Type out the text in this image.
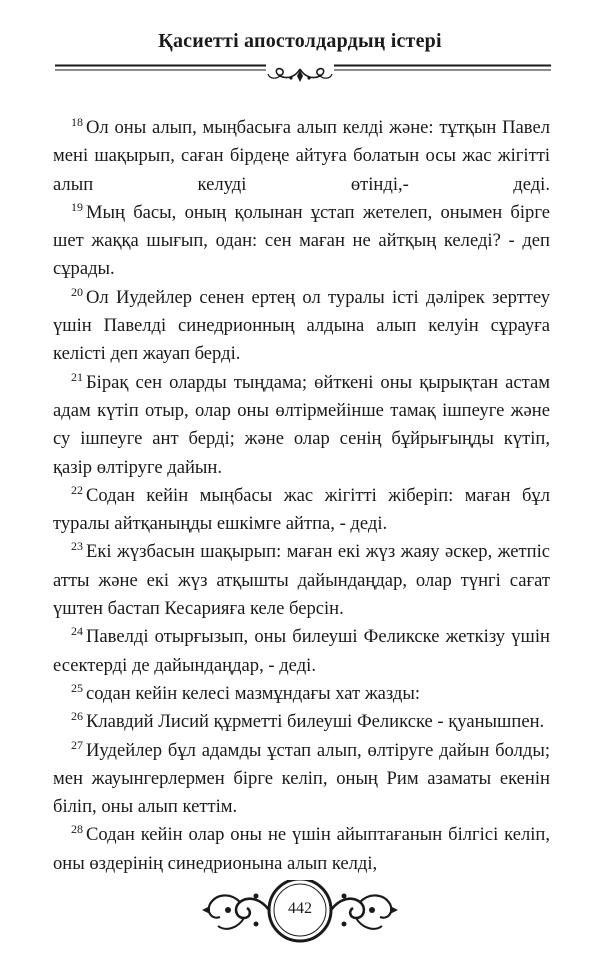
Қасиетті апостолдардың істері

$^{18}$ Ол оны алып, мыңбасыға алып келді және: тұтқын Павел мені шақырып, саған бірдеңе айтуға болатын осы жас жігітті алып келуді өтінді,- деді.

$^{19}$ Мың басы, оның қолынан ұстап жетелеп, онымен бірге шет жаққа шығып, одан: сен маған не айтқың келеді? - деп сұрады.

$^{20}$ Ол Иудейлер сенен ертең ол туралы істі дәлірек зерттеу үшін Павелді синедрионның алдына алып келуін сұрауға келісті деп жауап берді.

$^{21}$ Бірақ сен оларды тыңдама; өйткені оны қырықтан астам адам күтіп отыр, олар оны өлтірмейінше тамақ ішпеуге және су ішпеуге ант берді; және олар сенің бұйрығыңды күтіп, қазір өлтіруге дайын.

$^{22}$ Содан кейін мыңбасы жас жігітті жіберіп: маған бұл туралы айтқаныңды ешкімге айтпа, - деді.

$^{23}$ Екі жүзбасын шақырып: маған екі жүз жаяу әскер, жетпіс атты және екі жүз атқышты дайындаңдар, олар түнгі сағат үштен бастап Кесарияға келе берсін.

$^{24}$ Павелді отырғызып, оны билеуші Феликске жеткізу үшін есектерді де дайындаңдар, - деді.

$^{25}$ содан кейін келесі мазмұндағы хат жазды:

$^{26}$ Клавдий Лисий құрметті билеуші Феликске - қуанышпен.

$^{27}$ Иудейлер бұл адамды ұстап алып, өлтіруге дайын болды; мен жауынгерлермен бірге келіп, оның Рим азаматы екенін біліп, оны алып кеттім.

$^{28}$ Содан кейін олар оны не үшін айыптағанын білгісі келіп, оны өздерінің синедрионына алып келді,

442
